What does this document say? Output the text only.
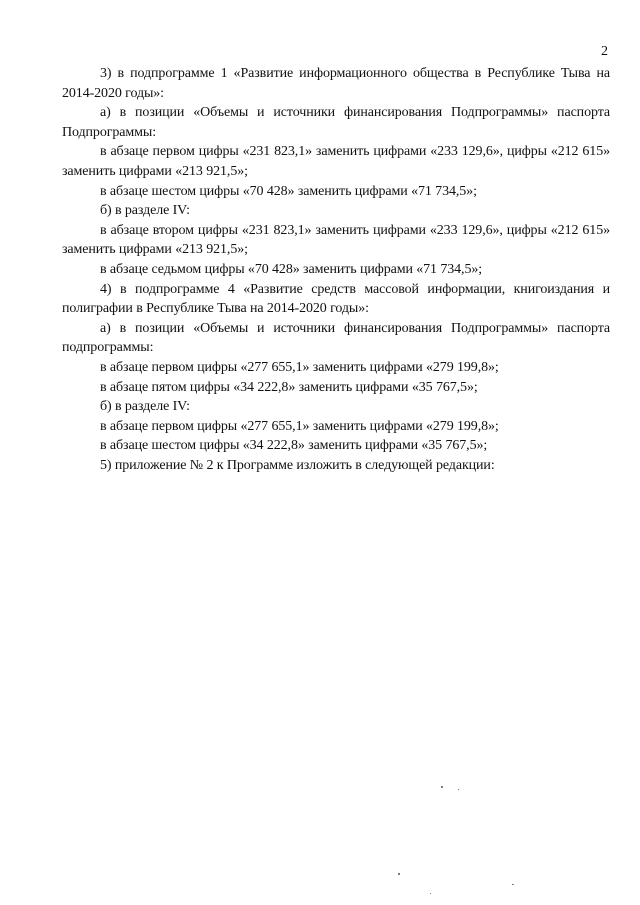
2

3) в подпрограмме 1 «Развитие информационного общества в Республике Тыва на 2014-2020 годы»:

а) в позиции «Объемы и источники финансирования Подпрограммы» паспорта Подпрограммы:

в абзаце первом цифры «231 823,1» заменить цифрами «233 129,6», цифры «212 615» заменить цифрами «213 921,5»;

в абзаце шестом цифры «70 428» заменить цифрами «71 734,5»;

б) в разделе IV:

в абзаце втором цифры «231 823,1» заменить цифрами «233 129,6», цифры «212 615» заменить цифрами «213 921,5»;

в абзаце седьмом цифры «70 428» заменить цифрами «71 734,5»;

4) в подпрограмме 4 «Развитие средств массовой информации, книгоиздания и полиграфии в Республике Тыва на 2014-2020 годы»:

а) в позиции «Объемы и источники финансирования Подпрограммы» паспорта подпрограммы:

в абзаце первом цифры «277 655,1» заменить цифрами «279 199,8»;

в абзаце пятом цифры «34 222,8» заменить цифрами «35 767,5»;

б) в разделе IV:

в абзаце первом цифры «277 655,1» заменить цифрами «279 199,8»;

в абзаце шестом цифры «34 222,8» заменить цифрами «35 767,5»;

5) приложение № 2 к Программе изложить в следующей редакции:
